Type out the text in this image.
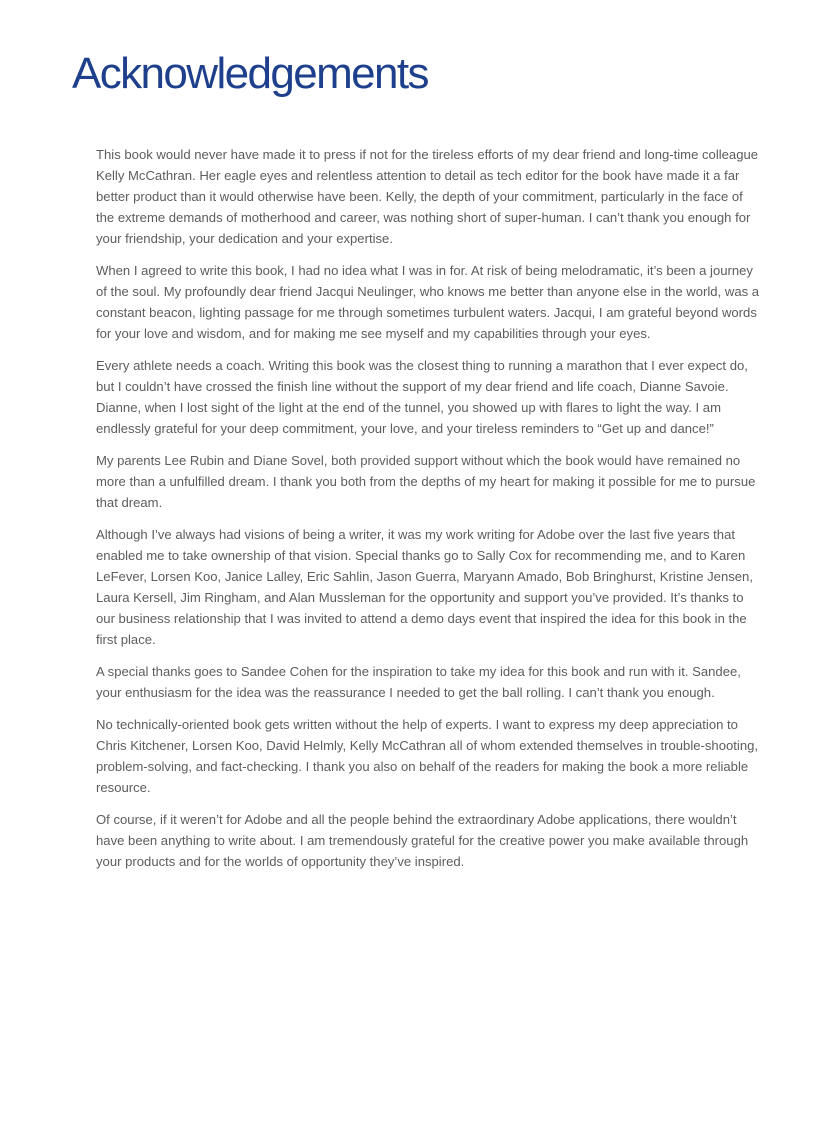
Acknowledgements

This book would never have made it to press if not for the tireless efforts of my dear friend and long-time colleague Kelly McCathran. Her eagle eyes and relentless attention to detail as tech editor for the book have made it a far better product than it would otherwise have been. Kelly, the depth of your commitment, particularly in the face of the extreme demands of motherhood and career, was nothing short of super-human. I can’t thank you enough for your friendship, your dedication and your expertise.

When I agreed to write this book, I had no idea what I was in for. At risk of being melodramatic, it’s been a journey of the soul. My profoundly dear friend Jacqui Neulinger, who knows me better than anyone else in the world, was a constant beacon, lighting passage for me through sometimes turbulent waters. Jacqui, I am grateful beyond words for your love and wisdom, and for making me see myself and my capabilities through your eyes.

Every athlete needs a coach. Writing this book was the closest thing to running a marathon that I ever expect do, but I couldn’t have crossed the finish line without the support of my dear friend and life coach, Dianne Savoie. Dianne, when I lost sight of the light at the end of the tunnel, you showed up with flares to light the way. I am endlessly grateful for your deep commitment, your love, and your tireless reminders to “Get up and dance!”

My parents Lee Rubin and Diane Sovel, both provided support without which the book would have remained no more than a unfulfilled dream. I thank you both from the depths of my heart for making it possible for me to pursue that dream.

Although I’ve always had visions of being a writer, it was my work writing for Adobe over the last five years that enabled me to take ownership of that vision. Special thanks go to Sally Cox for recommending me, and to Karen LeFever, Lorsen Koo, Janice Lalley, Eric Sahlin, Jason Guerra, Maryann Amado, Bob Bringhurst, Kristine Jensen, Laura Kersell, Jim Ringham, and Alan Mussleman for the opportunity and support you’ve provided. It’s thanks to our business relationship that I was invited to attend a demo days event that inspired the idea for this book in the first place.

A special thanks goes to Sandee Cohen for the inspiration to take my idea for this book and run with it. Sandee, your enthusiasm for the idea was the reassurance I needed to get the ball rolling. I can’t thank you enough.

No technically-oriented book gets written without the help of experts. I want to express my deep appreciation to Chris Kitchener, Lorsen Koo, David Helmly, Kelly McCathran all of whom extended themselves in trouble-shooting, problem-solving, and fact-checking. I thank you also on behalf of the readers for making the book a more reliable resource.

Of course, if it weren’t for Adobe and all the people behind the extraordinary Adobe applications, there wouldn’t have been anything to write about. I am tremendously grateful for the creative power you make available through your products and for the worlds of opportunity they’ve inspired.
